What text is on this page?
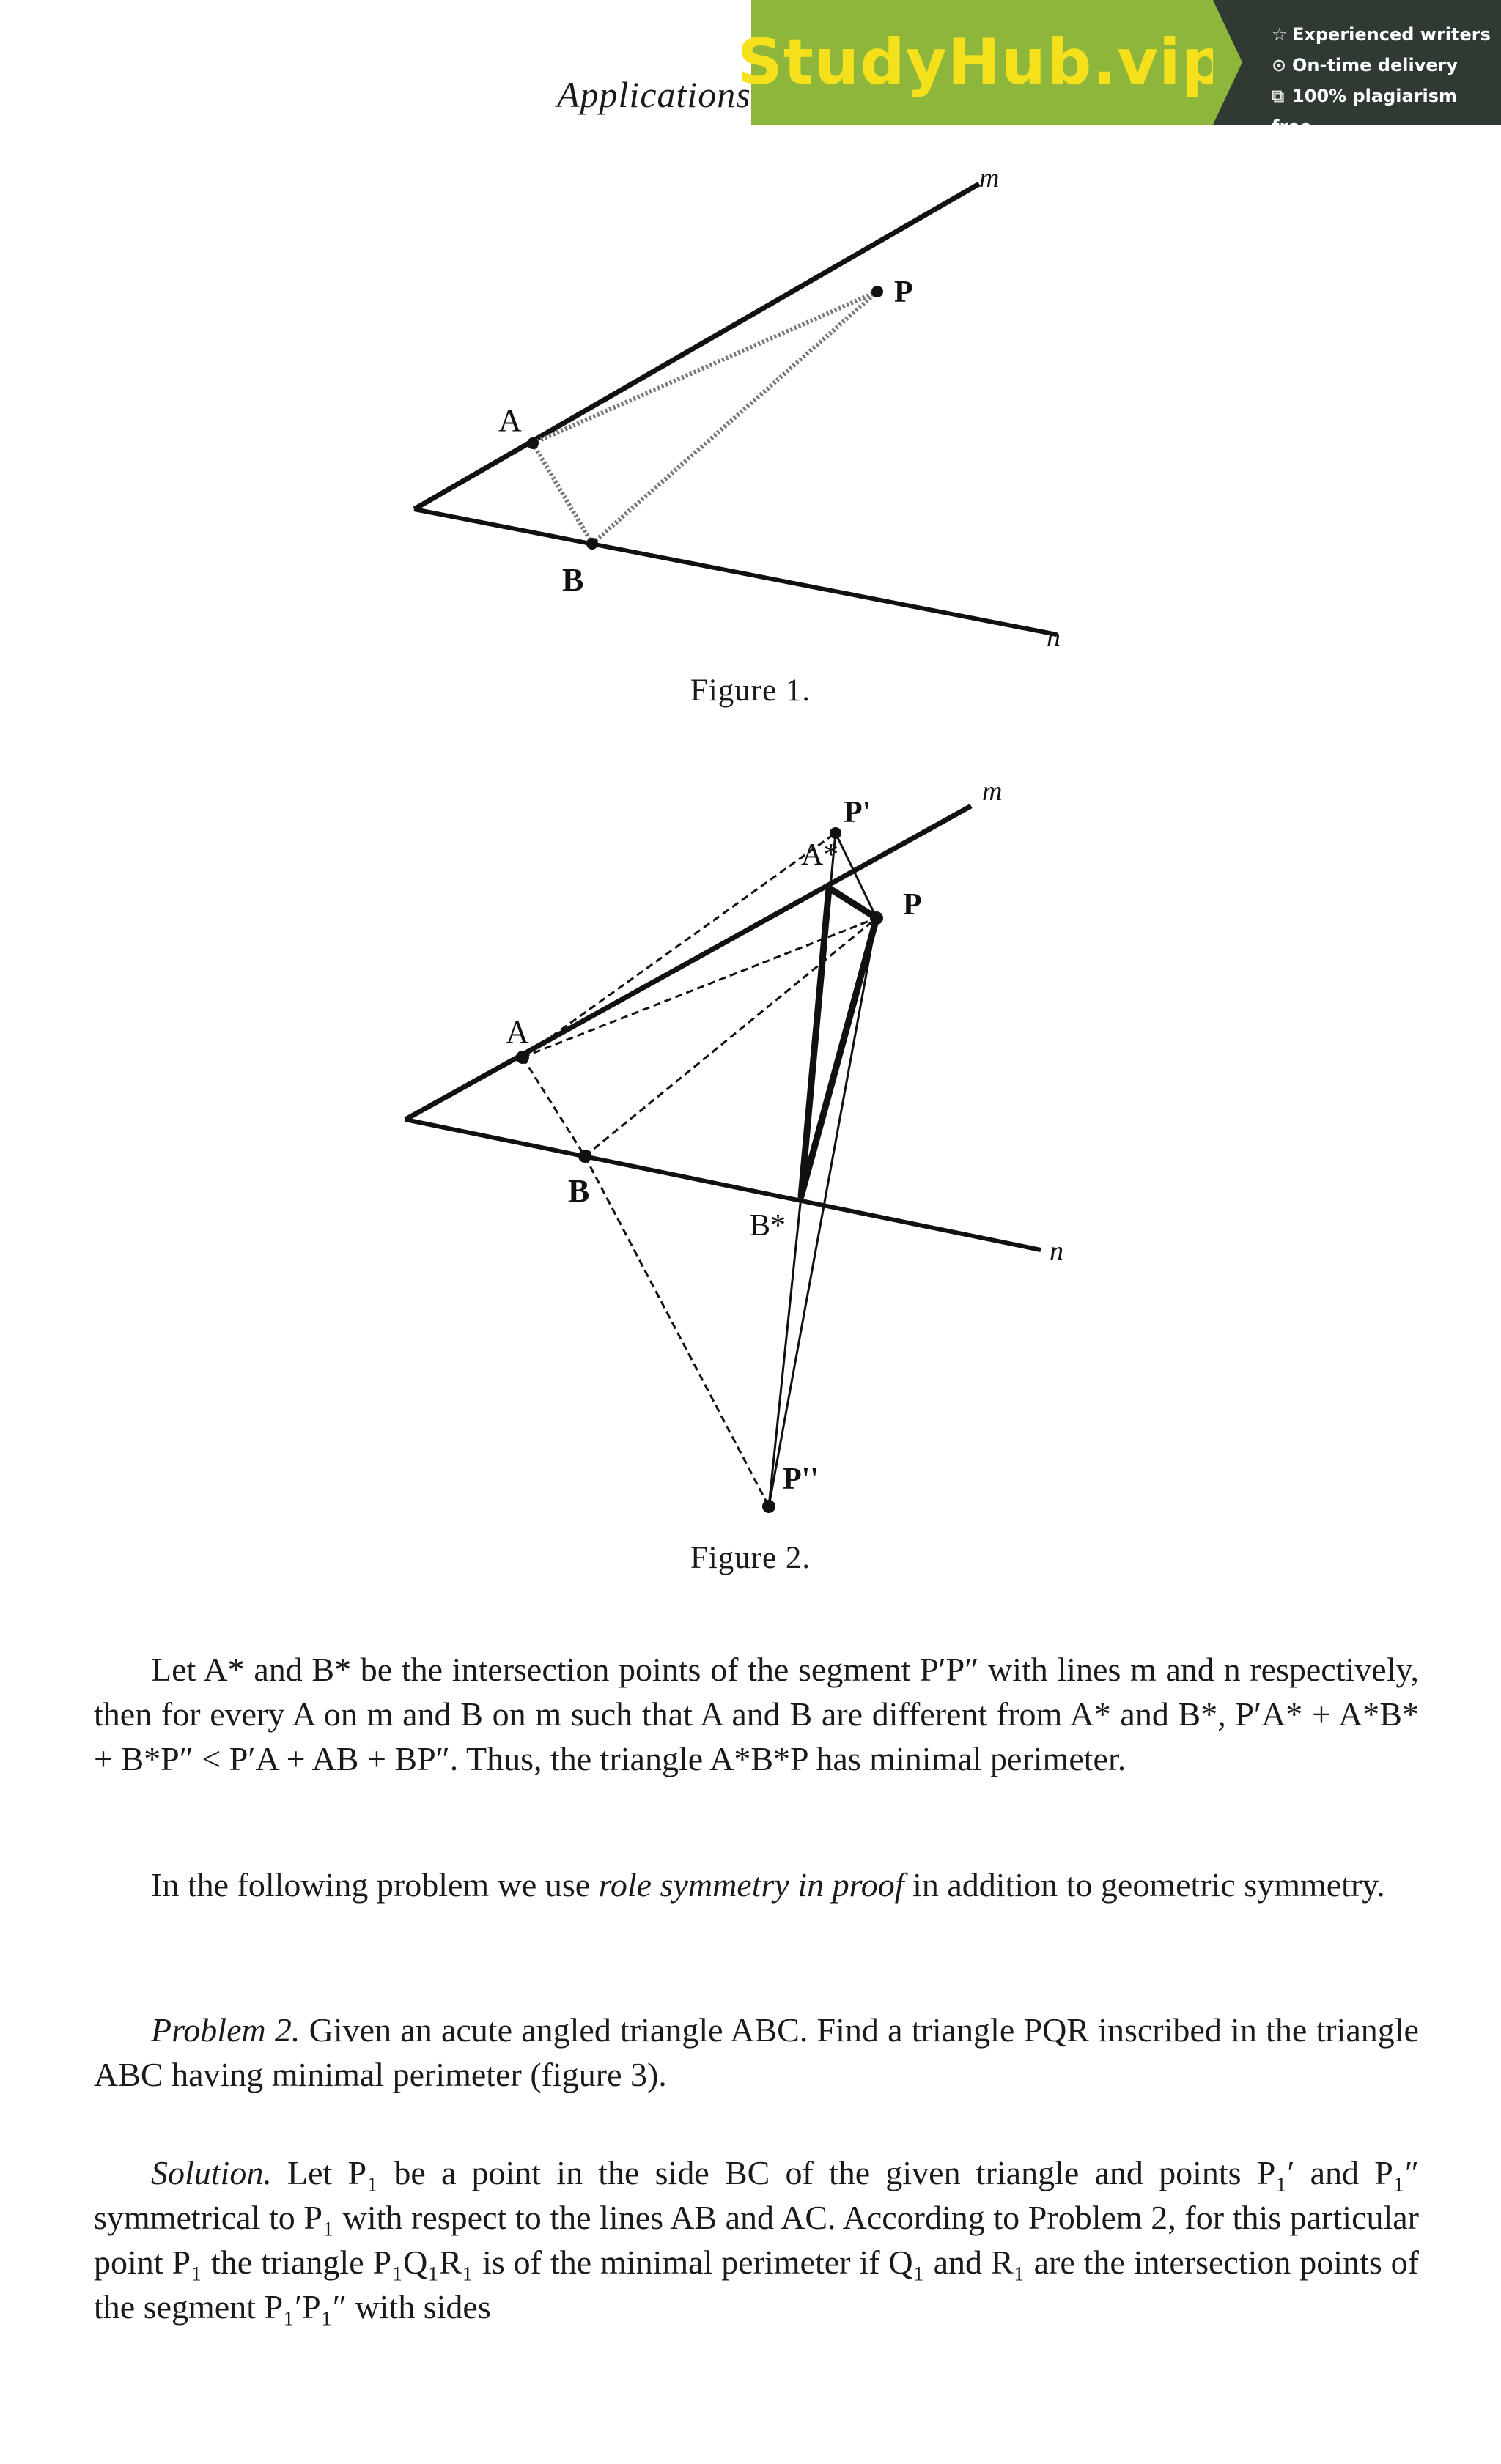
Applications
StudyHub.vip	☆ Experienced writers
⊙ On-time delivery
⧉ 100% plagiarism free
m
P
A
B
n
Figure 1.
m
P'
A*
P
A
B
B*
n
P''
Figure 2.

Let A* and B* be the intersection points of the segment P′P″ with lines m and n respectively, then for every A on m and B on m such that A and B are different from A* and B*, P′A* + A*B* + B*P″ < P′A + AB + BP″. Thus, the triangle A*B*P has minimal perimeter.

In the following problem we use role symmetry in proof in addition to geometric symmetry.

Problem 2. Given an acute angled triangle ABC. Find a triangle PQR inscribed in the triangle ABC having minimal perimeter (figure 3).

Solution. Let P₁ be a point in the side BC of the given triangle and points P₁′ and P₁″ symmetrical to P₁ with respect to the lines AB and AC. According to Problem 2, for this particular point P₁ the triangle P₁Q₁R₁ is of the minimal perimeter if Q₁ and R₁ are the intersection points of the segment P₁′P₁″ with sides
